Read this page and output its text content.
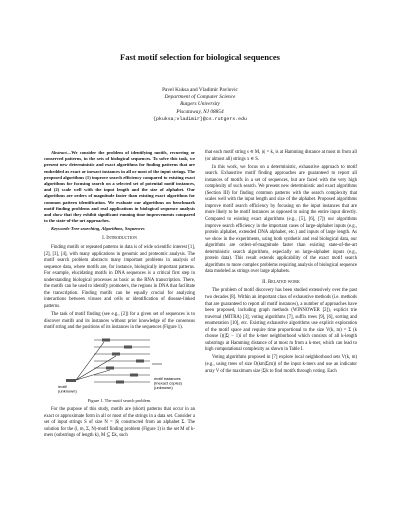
Fast motif selection for biological sequences
Pavel Kuksa and Vladimir Pavlovic
Department of Computer Science
Rutgers University
Piscataway, NJ 08854
{pkuksa;vladimir}@cs.rutgers.edu

Abstract—We consider the problem of identifying motifs, recurring or conserved patterns, in the sets of biological sequences. To solve this task, we present new deterministic and exact algorithms for finding patterns that are embedded as exact or inexact instances in all or most of the input strings. The proposed algorithms (1) improve search efficiency compared to existing exact algorithms for focusing search on a selected set of potential motif instances, and (2) scale well with the input length and the size of alphabet. Our algorithms are orders of magnitude faster than existing exact algorithms for common pattern identification. We evaluate our algorithms on benchmark motif finding problems and real applications in biological sequence analysis and show that they exhibit significant running time improvements compared to the state-of-the-art approaches.

Keywords-Tree searching, Algorithms, Sequences

I. Introduction

Finding motifs or repeated patterns in data is of wide scientific interest [1], [2], [3], [4], with many applications in genomic and proteomic analysis. The motif search problem abstracts many important problems in analysis of sequence data, where motifs are, for instance, biologically important patterns. For example, elucidating motifs in DNA sequences is a critical first step in understanding biological processes as basic as the RNA transcription. There, the motifs can be used to identify promoters, the regions in DNA that facilitate the transcription. Finding motifs can be equally crucial for analyzing interactions between viruses and cells or identification of disease-linked patterns.

The task of motif finding (see e.g., [2]) for a given set of sequences is to discover motifs and its instances without prior knowledge of the consensus motif string and the positions of its instances in the sequences (Figure 1).

motif
(unknown)
motif instances
(inexact copies)
(unknown)
Figure 1. The motif search problem.

For the purpose of this study, motifs are (short) patterns that occur in an exact or approximate form in all or most of the strings in a data set. Consider a set of input strings S of size N = |S| constructed from an alphabet Σ. The solution for the (l, m, Σ, N)-motif finding problem (Figure 1) is the set M of k-mers (substrings of length k), M ⊆ Σk, such

that each motif string s ∈ M, |s| = k, is at Hamming distance at most m from all (or almost all) strings x ∈ S.

In this work, we focus on a deterministic, exhaustive approach to motif search. Exhaustive motif finding approaches are guaranteed to report all instances of motifs in a set of sequences, but are faced with the very high complexity of such search. We present new deterministic and exact algorithms (Section III) for finding common patterns with the search complexity that scales well with the input length and size of the alphabet. Proposed algorithms improve motif search efficiency by focusing on the input instances that are more likely to be motif instances as opposed to using the entire input directly. Compared to existing exact algorithms (e.g., [5], [6], [7]) our algorithms improve search efficiency in the important cases of large-alphabet inputs (e.g., protein alphabet, extended DNA alphabet, etc.) and inputs of large length. As we show in the experiments, using both synthetic and real biological data, our algorithms are orders-of-magnitude faster than existing state-of-the-art deterministic search algorithms, especially on large-alphabet inputs (e.g., protein data). This result extends applicability of the exact motif search algorithms to more complex problems requiring analysis of biological sequence data modeled as strings over large alphabets.

II. Related work

The problem of motif discovery has been studied extensively over the past two decades [8]. Within an important class of exhaustive methods (i.e. methods that are guaranteed to report all motif instances), a number of approaches have been proposed, including graph methods (WINNOWER [2]), explicit trie traversal (MITRA) [3], voting algorithms [7], suffix trees [9], [6], sorting and enumeration [10], etc. Existing exhaustive algorithms use explicit exploration of the motif space and require time proportional to the size V(k, m) = Σ (k choose i)(|Σ| − 1)i of the k-mer neighborhood which consists of all k-length substrings at Hamming distance of at most m from a k-mer, which can lead to high computational complexity as shown in Table I.

Voting algorithms proposed in [7] explore local neighborhood sets V(k, m) (e.g., using trees of size O(km|Σ|m)) of the input k-mers and use an indicator array V of the maximum size |Σ|k to find motifs through voting. Each
